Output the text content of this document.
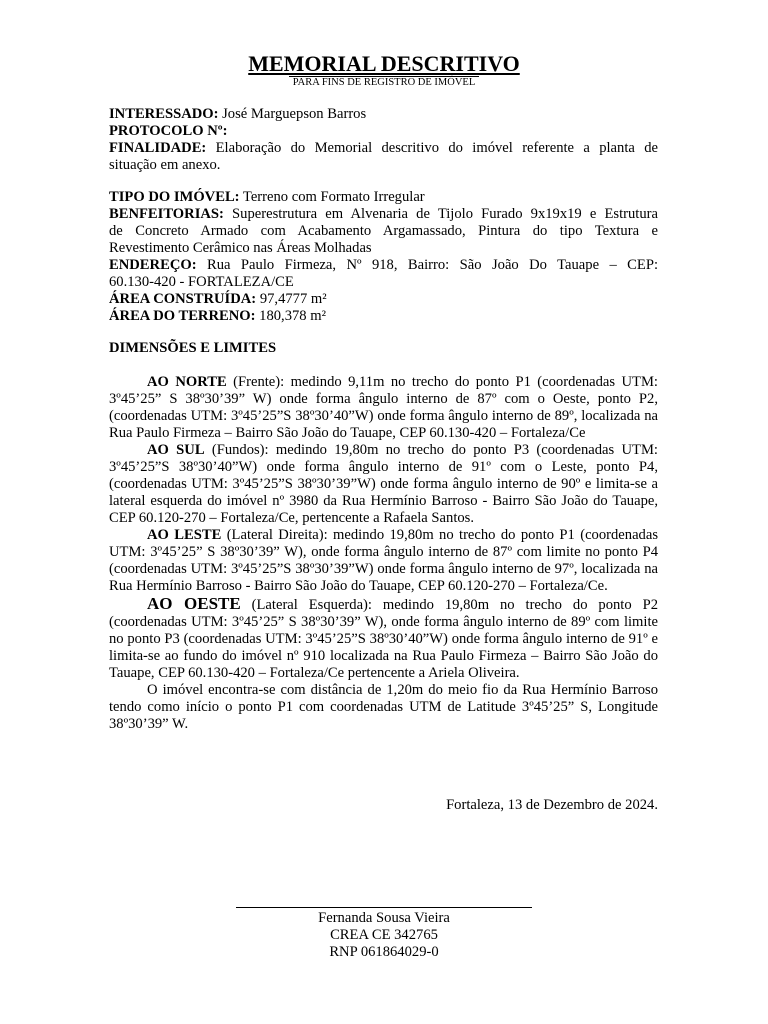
MEMORIAL DESCRITIVO
PARA FINS DE REGISTRO DE IMÓVEL
INTERESSADO: José Marguepson Barros
PROTOCOLO Nº:
FINALIDADE: Elaboração do Memorial descritivo do imóvel referente a planta de
situação em anexo.
TIPO DO IMÓVEL: Terreno com Formato Irregular
BENFEITORIAS: Superestrutura em Alvenaria de Tijolo Furado 9x19x19 e Estrutura
de Concreto Armado com Acabamento Argamassado, Pintura do tipo Textura e
Revestimento Cerâmico nas Áreas Molhadas
ENDEREÇO: Rua Paulo Firmeza, Nº 918, Bairro: São João Do Tauape – CEP:
60.130-420 - FORTALEZA/CE
ÁREA CONSTRUÍDA: 97,4777 m²
ÁREA DO TERRENO: 180,378 m²
DIMENSÕES E LIMITES
AO NORTE (Frente): medindo 9,11m no trecho do ponto P1 (coordenadas UTM: 3º45’25” S 38º30’39” W) onde forma ângulo interno de 87º com o Oeste, ponto P2, (coordenadas UTM: 3º45’25”S 38º30’40”W) onde forma ângulo interno de 89º, localizada na Rua Paulo Firmeza – Bairro São João do Tauape, CEP 60.130-420 – Fortaleza/Ce
AO SUL (Fundos): medindo 19,80m no trecho do ponto P3 (coordenadas UTM: 3º45’25”S 38º30’40”W) onde forma ângulo interno de 91º com o Leste, ponto P4, (coordenadas UTM: 3º45’25”S 38º30’39”W) onde forma ângulo interno de 90º e limita-se a lateral esquerda do imóvel nº 3980 da Rua Hermínio Barroso - Bairro São João do Tauape, CEP 60.120-270 – Fortaleza/Ce, pertencente a Rafaela Santos.
AO LESTE (Lateral Direita): medindo 19,80m no trecho do ponto P1 (coordenadas UTM: 3º45’25” S 38º30’39” W), onde forma ângulo interno de 87º com limite no ponto P4 (coordenadas UTM: 3º45’25”S 38º30’39”W) onde forma ângulo interno de 97º, localizada na Rua Hermínio Barroso - Bairro São João do Tauape, CEP 60.120-270 – Fortaleza/Ce.
AO OESTE (Lateral Esquerda): medindo 19,80m no trecho do ponto P2 (coordenadas UTM: 3º45’25” S 38º30’39” W), onde forma ângulo interno de 89º com limite no ponto P3 (coordenadas UTM: 3º45’25”S 38º30’40”W) onde forma ângulo interno de 91º e limita-se ao fundo do imóvel nº 910 localizada na Rua Paulo Firmeza – Bairro São João do Tauape, CEP 60.130-420 – Fortaleza/Ce pertencente a Ariela Oliveira.
O imóvel encontra-se com distância de 1,20m do meio fio da Rua Hermínio Barroso tendo como início o ponto P1 com coordenadas UTM de Latitude 3º45’25” S, Longitude 38º30’39” W.
Fortaleza, 13 de Dezembro de 2024.
Fernanda Sousa Vieira
CREA CE 342765
RNP 061864029-0
